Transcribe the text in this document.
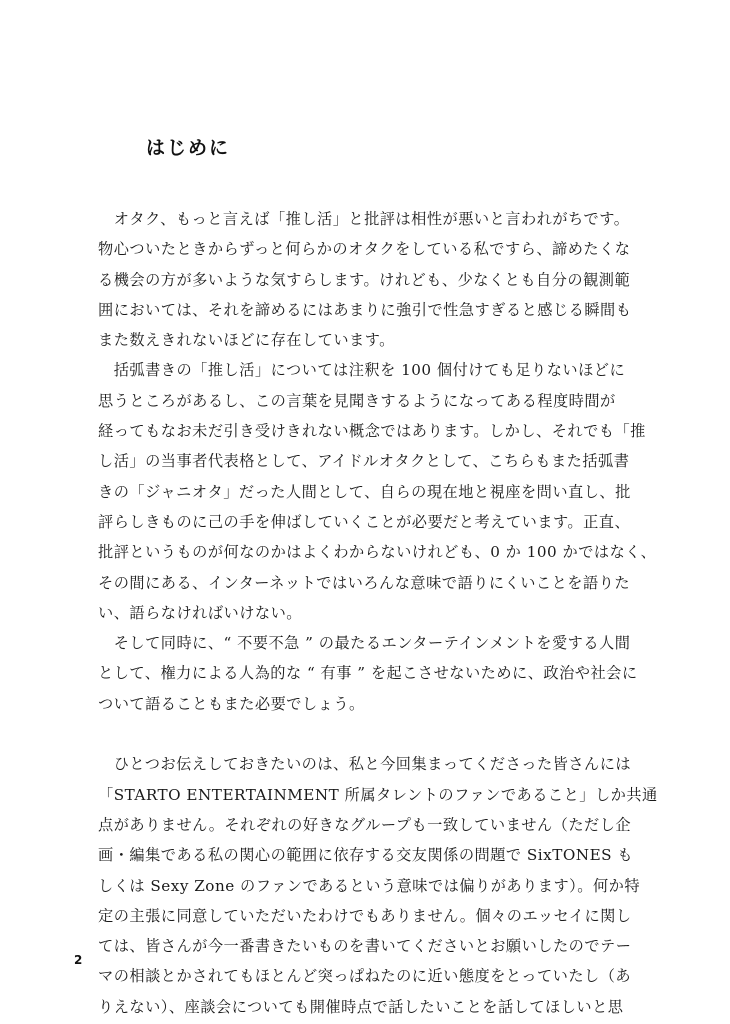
はじめに
　オタク、もっと言えば「推し活」と批評は相性が悪いと言われがちです。
物心ついたときからずっと何らかのオタクをしている私ですら、諦めたくな
る機会の方が多いような気すらします。けれども、少なくとも自分の観測範
囲においては、それを諦めるにはあまりに強引で性急すぎると感じる瞬間も
また数えきれないほどに存在しています。
　括弧書きの「推し活」については注釈を 100 個付けても足りないほどに
思うところがあるし、この言葉を見聞きするようになってある程度時間が
経ってもなお未だ引き受けきれない概念ではあります。しかし、それでも「推
し活」の当事者代表格として、アイドルオタクとして、こちらもまた括弧書
きの「ジャニオタ」だった人間として、自らの現在地と視座を問い直し、批
評らしきものに己の手を伸ばしていくことが必要だと考えています。正直、
批評というものが何なのかはよくわからないけれども、0 か 100 かではなく、
その間にある、インターネットではいろんな意味で語りにくいことを語りた
い、語らなければいけない。
　そして同時に、“ 不要不急 ” の最たるエンターテインメントを愛する人間
として、権力による人為的な “ 有事 ” を起こさせないために、政治や社会に
ついて語ることもまた必要でしょう。
　ひとつお伝えしておきたいのは、私と今回集まってくださった皆さんには
「STARTO ENTERTAINMENT 所属タレントのファンであること」しか共通
点がありません。それぞれの好きなグループも一致していません（ただし企
画・編集である私の関心の範囲に依存する交友関係の問題で SixTONES も
しくは Sexy Zone のファンであるという意味では偏りがあります）。何か特
定の主張に同意していただいたわけでもありません。個々のエッセイに関し
ては、皆さんが今一番書きたいものを書いてくださいとお願いしたのでテー
マの相談とかされてもほとんど突っぱねたのに近い態度をとっていたし（あ
りえない）、座談会についても開催時点で話したいことを話してほしいと思
2
